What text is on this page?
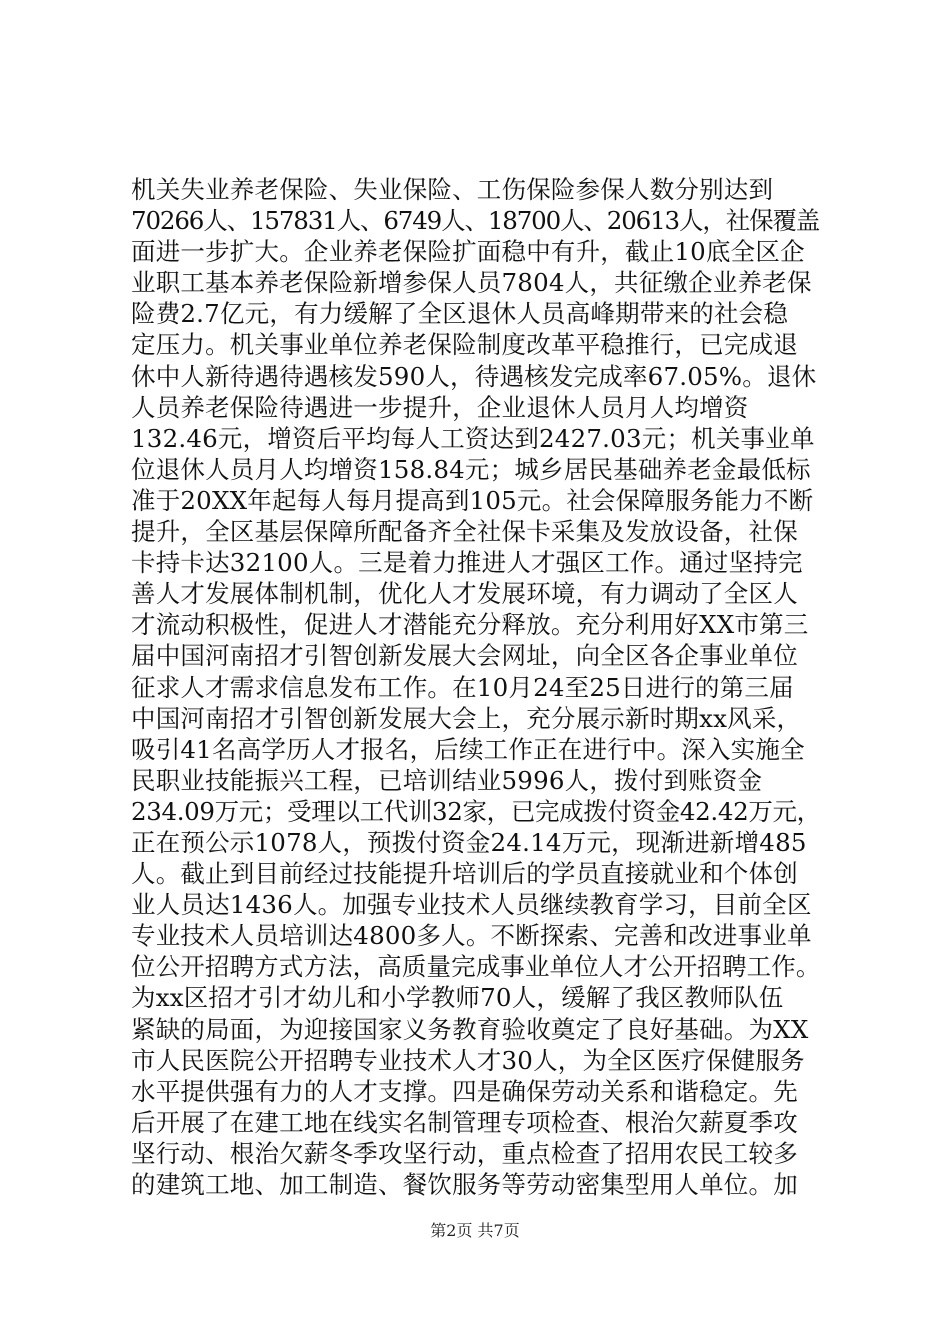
机关失业养老保险、失业保险、工伤保险参保人数分别达到
70266人、157831人、6749人、18700人、20613人，社保覆盖
面进一步扩大。企业养老保险扩面稳中有升，截止10底全区企
业职工基本养老保险新增参保人员7804人，共征缴企业养老保
险费2.7亿元，有力缓解了全区退休人员高峰期带来的社会稳
定压力。机关事业单位养老保险制度改革平稳推行，已完成退
休中人新待遇待遇核发590人，待遇核发完成率67.05%。退休
人员养老保险待遇进一步提升，企业退休人员月人均增资
132.46元，增资后平均每人工资达到2427.03元；机关事业单
位退休人员月人均增资158.84元；城乡居民基础养老金最低标
准于20XX年起每人每月提高到105元。社会保障服务能力不断
提升，全区基层保障所配备齐全社保卡采集及发放设备，社保
卡持卡达32100人。三是着力推进人才强区工作。通过坚持完
善人才发展体制机制，优化人才发展环境，有力调动了全区人
才流动积极性，促进人才潜能充分释放。充分利用好XX市第三
届中国河南招才引智创新发展大会网址，向全区各企事业单位
征求人才需求信息发布工作。在10月24至25日进行的第三届
中国河南招才引智创新发展大会上，充分展示新时期xx风采，
吸引41名高学历人才报名，后续工作正在进行中。深入实施全
民职业技能振兴工程，已培训结业5996人，拨付到账资金
234.09万元；受理以工代训32家，已完成拨付资金42.42万元，
正在预公示1078人，预拨付资金24.14万元，现渐进新增485
人。截止到目前经过技能提升培训后的学员直接就业和个体创
业人员达1436人。加强专业技术人员继续教育学习，目前全区
专业技术人员培训达4800多人。不断探索、完善和改进事业单
位公开招聘方式方法，高质量完成事业单位人才公开招聘工作。
为xx区招才引才幼儿和小学教师70人，缓解了我区教师队伍
紧缺的局面，为迎接国家义务教育验收奠定了良好基础。为XX
市人民医院公开招聘专业技术人才30人，为全区医疗保健服务
水平提供强有力的人才支撑。四是确保劳动关系和谐稳定。先
后开展了在建工地在线实名制管理专项检查、根治欠薪夏季攻
坚行动、根治欠薪冬季攻坚行动，重点检查了招用农民工较多
的建筑工地、加工制造、餐饮服务等劳动密集型用人单位。加
第2页 共7页
